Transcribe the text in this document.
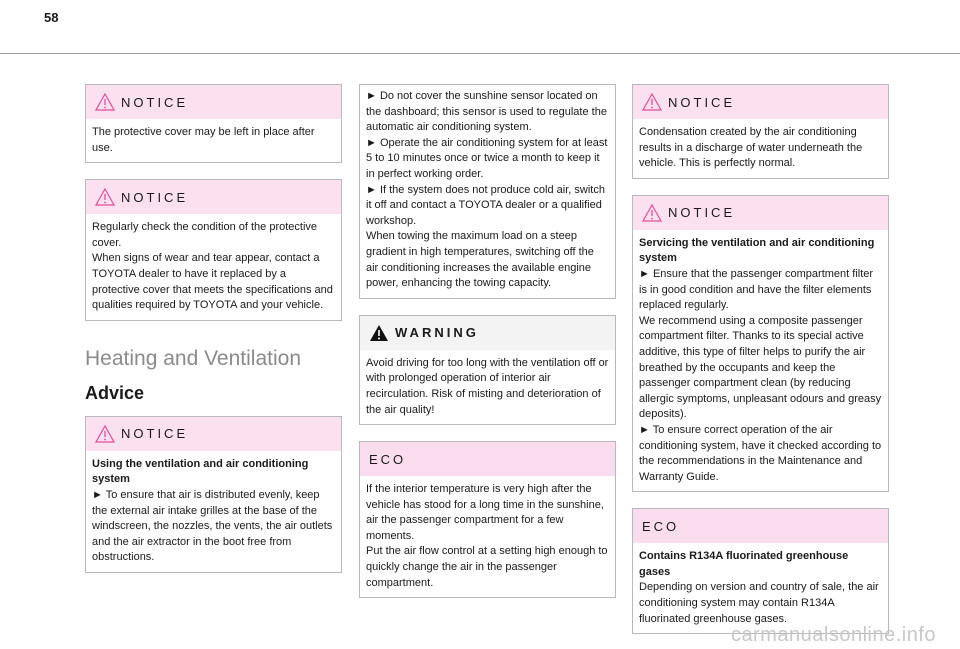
58
NOTICE
The protective cover may be left in place after use.
NOTICE
Regularly check the condition of the protective cover.
When signs of wear and tear appear, contact a TOYOTA dealer to have it replaced by a protective cover that meets the specifications and qualities required by TOYOTA and your vehicle.
Heating and Ventilation
Advice
NOTICE
Using the ventilation and air conditioning system
► To ensure that air is distributed evenly, keep the external air intake grilles at the base of the windscreen, the nozzles, the vents, the air outlets and the air extractor in the boot free from obstructions.
► Do not cover the sunshine sensor located on the dashboard; this sensor is used to regulate the automatic air conditioning system.
► Operate the air conditioning system for at least 5 to 10 minutes once or twice a month to keep it in perfect working order.
► If the system does not produce cold air, switch it off and contact a TOYOTA dealer or a qualified workshop.
When towing the maximum load on a steep gradient in high temperatures, switching off the air conditioning increases the available engine power, enhancing the towing capacity.
WARNING
Avoid driving for too long with the ventilation off or with prolonged operation of interior air recirculation. Risk of misting and deterioration of the air quality!
ECO
If the interior temperature is very high after the vehicle has stood for a long time in the sunshine, air the passenger compartment for a few moments.
Put the air flow control at a setting high enough to quickly change the air in the passenger compartment.
NOTICE
Condensation created by the air conditioning results in a discharge of water underneath the vehicle. This is perfectly normal.
NOTICE
Servicing the ventilation and air conditioning system
► Ensure that the passenger compartment filter is in good condition and have the filter elements replaced regularly.
We recommend using a composite passenger compartment filter. Thanks to its special active additive, this type of filter helps to purify the air breathed by the occupants and keep the passenger compartment clean (by reducing allergic symptoms, unpleasant odours and greasy deposits).
► To ensure correct operation of the air conditioning system, have it checked according to the recommendations in the Maintenance and Warranty Guide.
ECO
Contains R134A fluorinated greenhouse gases
Depending on version and country of sale, the air conditioning system may contain R134A fluorinated greenhouse gases.
carmanualsonline.info
